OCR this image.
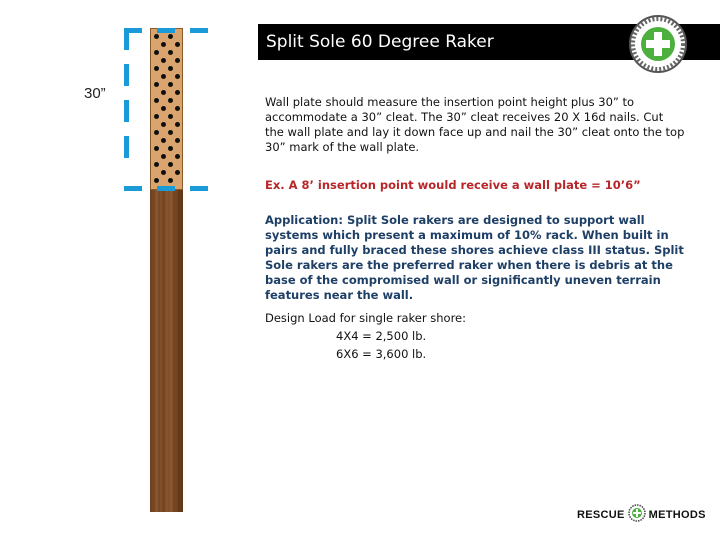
Split Sole 60 Degree Raker
30”	Wall plate should measure the insertion point height plus 30” to accommodate a 30” cleat. The 30” cleat receives 20 X 16d nails. Cut the wall plate and lay it down face up and nail the 30” cleat onto the top 30” mark of the wall plate.
Ex. A 8’ insertion point would receive a wall plate = 10’6”
Application: Split Sole rakers are designed to support wall systems which present a maximum of 10% rack. When built in pairs and fully braced these shores achieve class III status. Split Sole rakers are the preferred raker when there is debris at the base of the compromised wall or significantly uneven terrain features near the wall.
Design Load for single raker shore:
4X4 = 2,500 lb.
6X6 = 3,600 lb.
RESCUE METHODS
